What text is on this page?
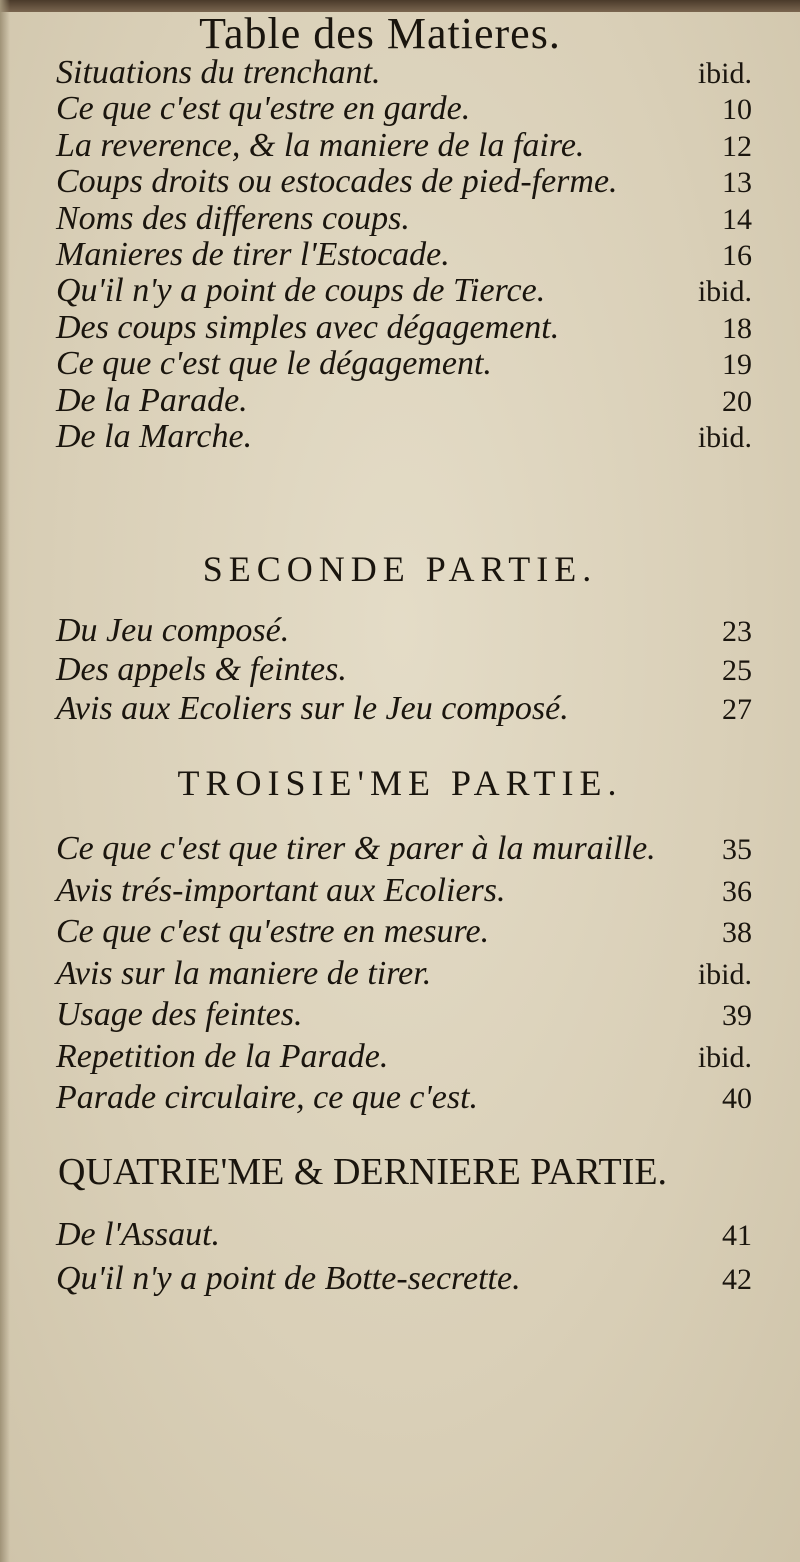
Table des Matieres.
Situations du trenchant.	ibid.
Ce que c'est qu'estre en garde.	10
La reverence, & la maniere de la faire.	12
Coups droits ou estocades de pied-ferme.	13
Noms des differens coups.	14
Manieres de tirer l'Estocade.	16
Qu'il n'y a point de coups de Tierce.	ibid.
Des coups simples avec dégagement.	18
Ce que c'est que le dégagement.	19
De la Parade.	20
De la Marche.	ibid.
SECONDE PARTIE.
Du Jeu composé.	23
Des appels & feintes.	25
Avis aux Ecoliers sur le Jeu composé.	27
TROISIE'ME PARTIE.
Ce que c'est que tirer & parer à la muraille.	35
Avis trés-important aux Ecoliers.	36
Ce que c'est qu'estre en mesure.	38
Avis sur la maniere de tirer.	ibid.
Usage des feintes.	39
Repetition de la Parade.	ibid.
Parade circulaire, ce que c'est.	40
QUATRIE'ME & DERNIERE PARTIE.
De l'Assaut.	41
Qu'il n'y a point de Botte-secrette.	42
